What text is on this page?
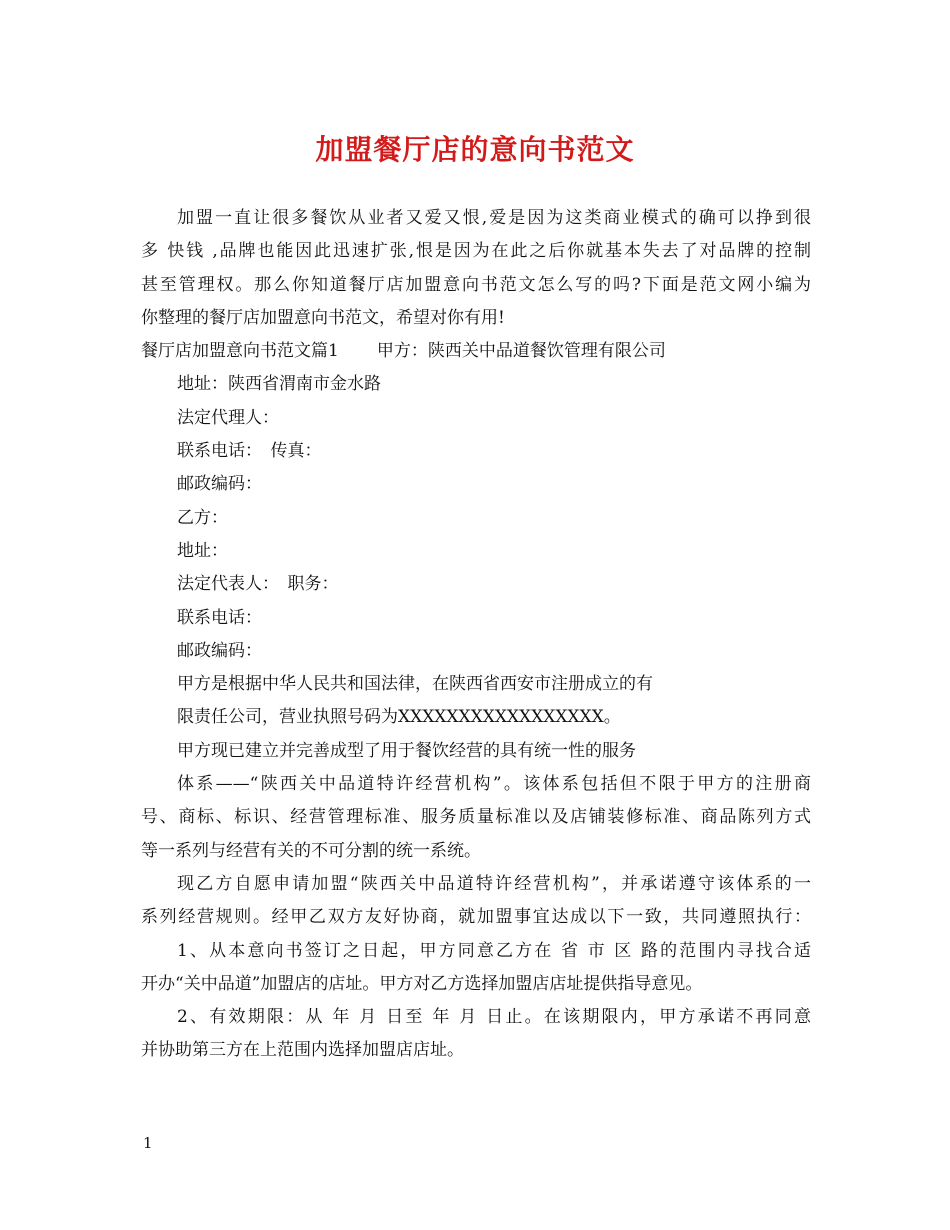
加盟餐厅店的意向书范文
加盟一直让很多餐饮从业者又爱又恨,爱是因为这类商业模式的确可以挣到很
多 快钱 ,品牌也能因此迅速扩张,恨是因为在此之后你就基本失去了对品牌的控制
甚至管理权。那么你知道餐厅店加盟意向书范文怎么写的吗?下面是范文网小编为
你整理的餐厅店加盟意向书范文，希望对你有用!
餐厅店加盟意向书范文篇1 甲方：陕西关中品道餐饮管理有限公司
地址：陕西省渭南市金水路
法定代理人：
联系电话：　传真：
邮政编码：
乙方：
地址：
法定代表人：　职务：
联系电话：
邮政编码：
甲方是根据中华人民共和国法律，在陕西省西安市注册成立的有
限责任公司，营业执照号码为XXXXXXXXXXXXXXXXX。
甲方现已建立并完善成型了用于餐饮经营的具有统一性的服务
体系——“陕西关中品道特许经营机构”。该体系包括但不限于甲方的注册商
号、商标、标识、经营管理标准、服务质量标准以及店铺装修标准、商品陈列方式
等一系列与经营有关的不可分割的统一系统。
现乙方自愿申请加盟“陕西关中品道特许经营机构”，并承诺遵守该体系的一
系列经营规则。经甲乙双方友好协商，就加盟事宜达成以下一致，共同遵照执行：
1、从本意向书签订之日起，甲方同意乙方在 省 市 区 路的范围内寻找合适
开办“关中品道”加盟店的店址。甲方对乙方选择加盟店店址提供指导意见。
2、有效期限：从 年 月 日至 年 月 日止。在该期限内，甲方承诺不再同意
并协助第三方在上范围内选择加盟店店址。
1
